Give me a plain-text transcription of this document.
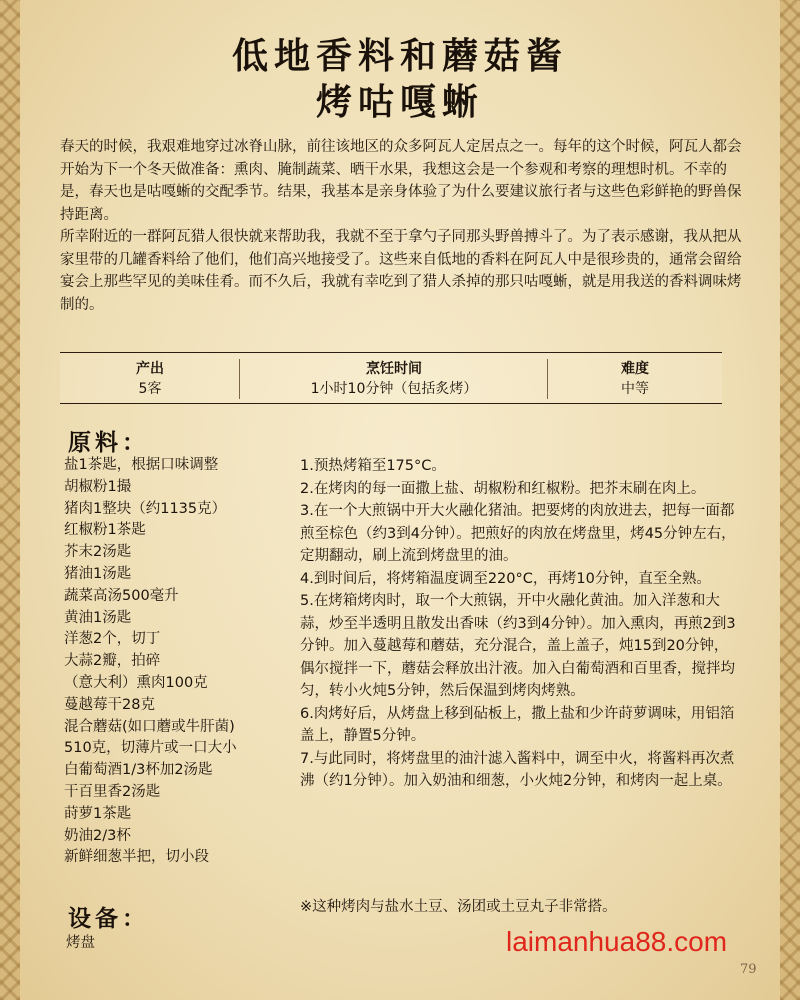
低地香料和蘑菇酱
烤咕嘎蜥

春天的时候，我艰难地穿过冰脊山脉，前往该地区的众多阿瓦人定居点之一。每年的这个时候，阿瓦人都会开始为下一个冬天做准备：熏肉、腌制蔬菜、晒干水果，我想这会是一个参观和考察的理想时机。不幸的是，春天也是咕嘎蜥的交配季节。结果，我基本是亲身体验了为什么要建议旅行者与这些色彩鲜艳的野兽保持距离。

所幸附近的一群阿瓦猎人很快就来帮助我，我就不至于拿勺子同那头野兽搏斗了。为了表示感谢，我从把从家里带的几罐香料给了他们，他们高兴地接受了。这些来自低地的香料在阿瓦人中是很珍贵的，通常会留给宴会上那些罕见的美味佳肴。而不久后，我就有幸吃到了猎人杀掉的那只咕嘎蜥，就是用我送的香料调味烤制的。

产出
5客
烹饪时间
1小时10分钟（包括炙烤）
难度
中等
原料：
盐1茶匙，根据口味调整
胡椒粉1撮
猪肉1整块（约1135克）
红椒粉1茶匙
芥末2汤匙
猪油1汤匙
蔬菜高汤500毫升
黄油1汤匙
洋葱2个，切丁
大蒜2瓣，拍碎
（意大利）熏肉100克
蔓越莓干28克
混合蘑菇(如口蘑或牛肝菌)
510克，切薄片或一口大小
白葡萄酒1/3杯加2汤匙
干百里香2汤匙
莳萝1茶匙
奶油2/3杯
新鲜细葱半把，切小段
1.预热烤箱至175°C。
2.在烤肉的每一面撒上盐、胡椒粉和红椒粉。把芥末刷在肉上。
3.在一个大煎锅中开大火融化猪油。把要烤的肉放进去，把每一面都煎至棕色（约3到4分钟）。把煎好的肉放在烤盘里，烤45分钟左右，定期翻动，刷上流到烤盘里的油。
4.到时间后，将烤箱温度调至220°C，再烤10分钟，直至全熟。
5.在烤箱烤肉时，取一个大煎锅，开中火融化黄油。加入洋葱和大蒜，炒至半透明且散发出香味（约3到4分钟）。加入熏肉，再煎2到3分钟。加入蔓越莓和蘑菇，充分混合，盖上盖子，炖15到20分钟，偶尔搅拌一下，蘑菇会释放出汁液。加入白葡萄酒和百里香，搅拌均匀，转小火炖5分钟，然后保温到烤肉烤熟。
6.肉烤好后，从烤盘上移到砧板上，撒上盐和少许莳萝调味，用铝箔盖上，静置5分钟。
7.与此同时，将烤盘里的油汁滤入酱料中，调至中火，将酱料再次煮沸（约1分钟）。加入奶油和细葱，小火炖2分钟，和烤肉一起上桌。

※这种烤肉与盐水土豆、汤团或土豆丸子非常搭。

设备：
烤盘	laimanhua88.com
79
